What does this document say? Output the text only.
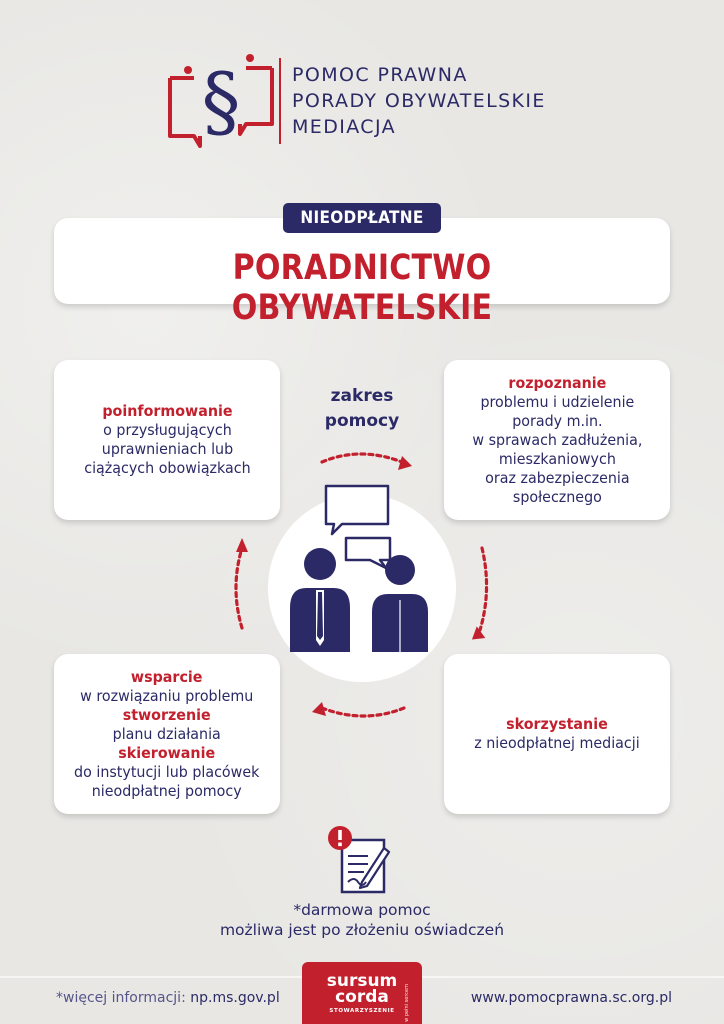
§	POMOC PRAWNA
PORADY OBYWATELSKIE
MEDIACJA
PORADNICTWO OBYWATELSKIE
NIEODPŁATNE
poinformowanie
o przysługujących
uprawnieniach lub
ciążących obowiązkach
rozpoznanie
problemu i udzielenie
porady m.in.
w sprawach zadłużenia,
mieszkaniowych
oraz zabezpieczenia
społecznego
wsparcie
w rozwiązaniu problemu
stworzenie
planu działania
skierowanie
do instytucji lub placówek
nieodpłatnej pomocy
skorzystanie
z nieodpłatnej mediacji
zakres
pomocy
*darmowa pomoc
możliwa jest po złożeniu oświadczeń
*więcej informacji: np.ms.gov.pl
sursum
corda
STOWARZYSZENIE	w pełni sercem	www.pomocprawna.sc.org.pl
